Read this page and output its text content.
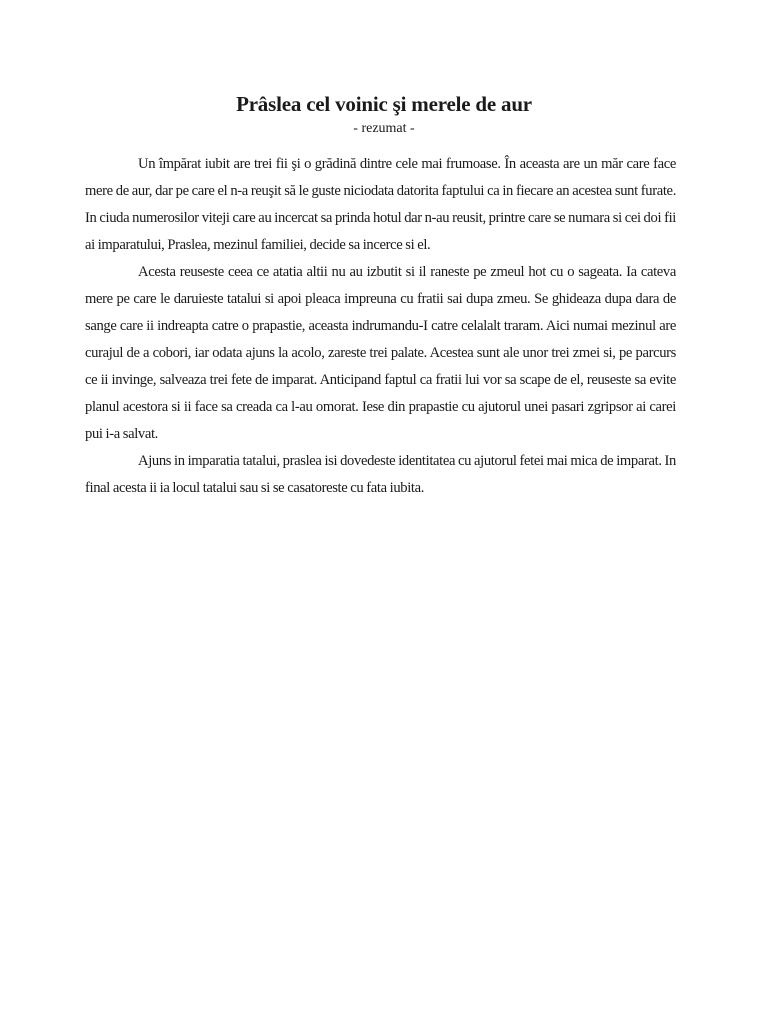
Prâslea cel voinic şi merele de aur
- rezumat -

Un împărat iubit are trei fii şi o grădină dintre cele mai frumoase. În aceasta are un măr care face mere de aur, dar pe care el n-a reuşit să le guste niciodata datorita faptului ca in fiecare an acestea sunt furate. In ciuda numerosilor viteji care au incercat sa prinda hotul dar n-au reusit, printre care se numara si cei doi fii ai imparatului, Praslea, mezinul familiei, decide sa incerce si el.

Acesta reuseste ceea ce atatia altii nu au izbutit si il raneste pe zmeul hot cu o sageata. Ia cateva mere pe care le daruieste tatalui si apoi pleaca impreuna cu fratii sai dupa zmeu. Se ghideaza dupa dara de sange care ii indreapta catre o prapastie, aceasta indrumandu-I catre celalalt traram. Aici numai mezinul are curajul de a cobori, iar odata ajuns la acolo, zareste trei palate. Acestea sunt ale unor trei zmei si, pe parcurs ce ii invinge, salveaza trei fete de imparat. Anticipand faptul ca fratii lui vor sa scape de el, reuseste sa evite planul acestora si ii face sa creada ca l-au omorat. Iese din prapastie cu ajutorul unei pasari zgripsor ai carei pui i-a salvat.

Ajuns in imparatia tatalui, praslea isi dovedeste identitatea cu ajutorul fetei mai mica de imparat. In final acesta ii ia locul tatalui sau si se casatoreste cu fata iubita.
